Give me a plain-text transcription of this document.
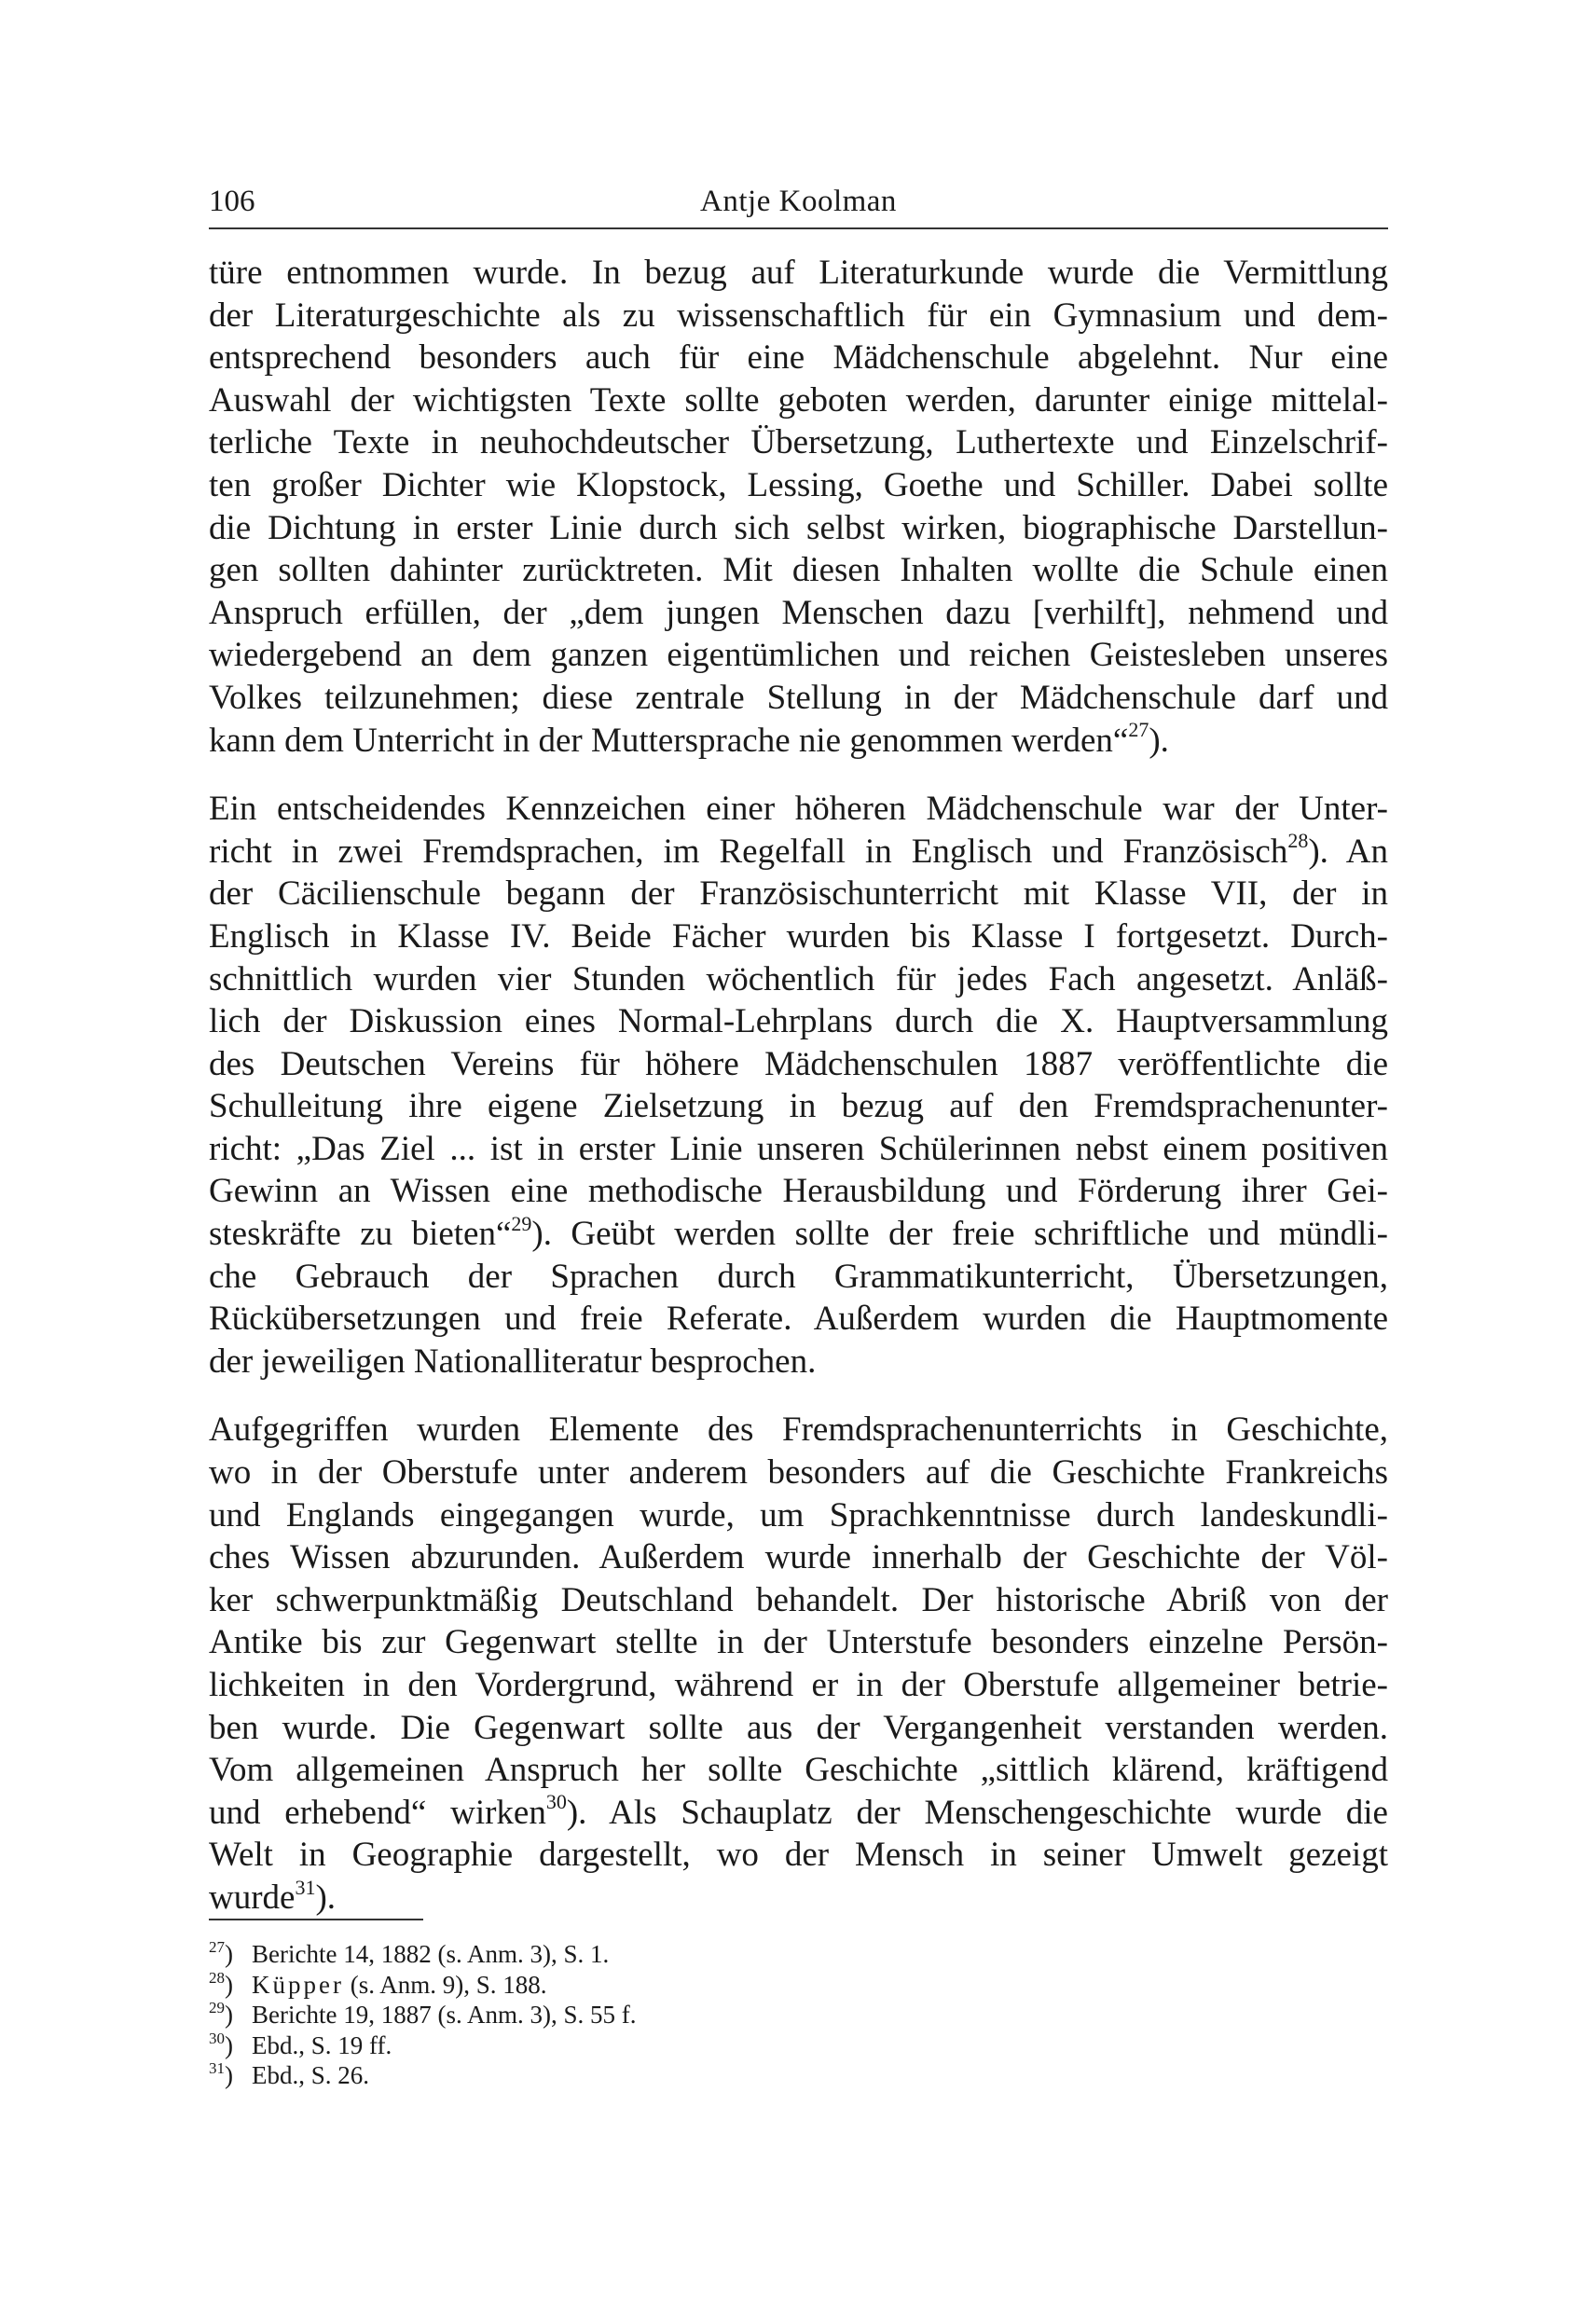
106	Antje Koolman

türe entnommen wurde. In bezug auf Literaturkunde wurde die Vermittlung
der Literaturgeschichte als zu wissenschaftlich für ein Gymnasium und dem-
entsprechend besonders auch für eine Mädchenschule abgelehnt. Nur eine
Auswahl der wichtigsten Texte sollte geboten werden, darunter einige mittelal-
terliche Texte in neuhochdeutscher Übersetzung, Luthertexte und Einzelschrif-
ten großer Dichter wie Klopstock, Lessing, Goethe und Schiller. Dabei sollte
die Dichtung in erster Linie durch sich selbst wirken, biographische Darstellun-
gen sollten dahinter zurücktreten. Mit diesen Inhalten wollte die Schule einen
Anspruch erfüllen, der „dem jungen Menschen dazu [verhilft], nehmend und
wiedergebend an dem ganzen eigentümlichen und reichen Geistesleben unseres
Volkes teilzunehmen; diese zentrale Stellung in der Mädchenschule darf und
kann dem Unterricht in der Muttersprache nie genommen werden“$^{27}$).

Ein entscheidendes Kennzeichen einer höheren Mädchenschule war der Unter-
richt in zwei Fremdsprachen, im Regelfall in Englisch und Französisch$^{28}$). An
der Cäcilienschule begann der Französischunterricht mit Klasse VII, der in
Englisch in Klasse IV. Beide Fächer wurden bis Klasse I fortgesetzt. Durch-
schnittlich wurden vier Stunden wöchentlich für jedes Fach angesetzt. Anläß-
lich der Diskussion eines Normal-Lehrplans durch die X. Hauptversammlung
des Deutschen Vereins für höhere Mädchenschulen 1887 veröffentlichte die
Schulleitung ihre eigene Zielsetzung in bezug auf den Fremdsprachenunter-
richt: „Das Ziel ... ist in erster Linie unseren Schülerinnen nebst einem positiven
Gewinn an Wissen eine methodische Herausbildung und Förderung ihrer Gei-
steskräfte zu bieten“$^{29}$). Geübt werden sollte der freie schriftliche und mündli-
che Gebrauch der Sprachen durch Grammatikunterricht, Übersetzungen,
Rückübersetzungen und freie Referate. Außerdem wurden die Hauptmomente
der jeweiligen Nationalliteratur besprochen.

Aufgegriffen wurden Elemente des Fremdsprachenunterrichts in Geschichte,
wo in der Oberstufe unter anderem besonders auf die Geschichte Frankreichs
und Englands eingegangen wurde, um Sprachkenntnisse durch landeskundli-
ches Wissen abzurunden. Außerdem wurde innerhalb der Geschichte der Völ-
ker schwerpunktmäßig Deutschland behandelt. Der historische Abriß von der
Antike bis zur Gegenwart stellte in der Unterstufe besonders einzelne Persön-
lichkeiten in den Vordergrund, während er in der Oberstufe allgemeiner betrie-
ben wurde. Die Gegenwart sollte aus der Vergangenheit verstanden werden.
Vom allgemeinen Anspruch her sollte Geschichte „sittlich klärend, kräftigend
und erhebend“ wirken$^{30}$). Als Schauplatz der Menschengeschichte wurde die
Welt in Geographie dargestellt, wo der Mensch in seiner Umwelt gezeigt
wurde$^{31}$).

$^{27}$) Berichte 14, 1882 (s. Anm. 3), S. 1.
$^{28}$) Küpper (s. Anm. 9), S. 188.
$^{29}$) Berichte 19, 1887 (s. Anm. 3), S. 55 f.
$^{30}$) Ebd., S. 19 ff.
$^{31}$) Ebd., S. 26.
